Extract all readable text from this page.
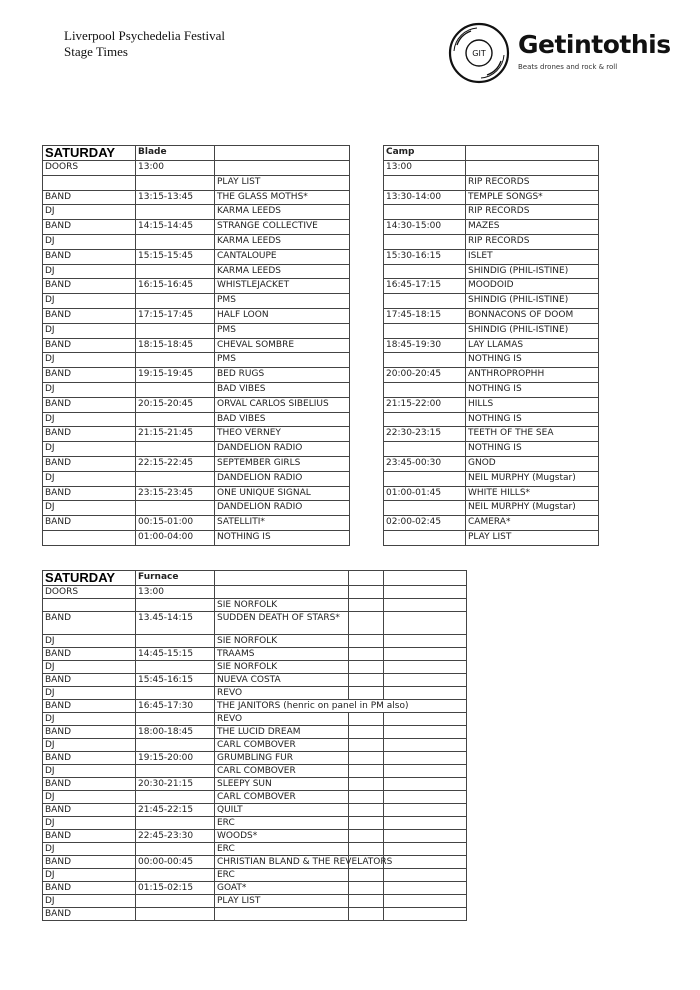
Liverpool Psychedelia Festival
Stage Times	GIT Getintothis
Beats drones and rock & roll
SATURDAY	Blade	
DOORS	13:00	
		PLAY LIST
BAND	13:15-13:45	THE GLASS MOTHS*
DJ		KARMA LEEDS
BAND	14:15-14:45	STRANGE COLLECTIVE
DJ		KARMA LEEDS
BAND	15:15-15:45	CANTALOUPE
DJ		KARMA LEEDS
BAND	16:15-16:45	WHISTLEJACKET
DJ		PMS
BAND	17:15-17:45	HALF LOON
DJ		PMS
BAND	18:15-18:45	CHEVAL SOMBRE
DJ		PMS
BAND	19:15-19:45	BED RUGS
DJ		BAD VIBES
BAND	20:15-20:45	ORVAL CARLOS SIBELIUS
DJ		BAD VIBES
BAND	21:15-21:45	THEO VERNEY
DJ		DANDELION RADIO
BAND	22:15-22:45	SEPTEMBER GIRLS
DJ		DANDELION RADIO
BAND	23:15-23:45	ONE UNIQUE SIGNAL
DJ		DANDELION RADIO
BAND	00:15-01:00	SATELLITI*
	01:00-04:00	NOTHING IS
Camp	
13:00	
	RIP RECORDS
13:30-14:00	TEMPLE SONGS*
	RIP RECORDS
14:30-15:00	MAZES
	RIP RECORDS
15:30-16:15	ISLET
	SHINDIG (PHIL-ISTINE)
16:45-17:15	MOODOID
	SHINDIG (PHIL-ISTINE)
17:45-18:15	BONNACONS OF DOOM
	SHINDIG (PHIL-ISTINE)
18:45-19:30	LAY LLAMAS
	NOTHING IS
20:00-20:45	ANTHROPROPHH
	NOTHING IS
21:15-22:00	HILLS
	NOTHING IS
22:30-23:15	TEETH OF THE SEA
	NOTHING IS
23:45-00:30	GNOD
	NEIL MURPHY (Mugstar)
01:00-01:45	WHITE HILLS*
	NEIL MURPHY (Mugstar)
02:00-02:45	CAMERA*
	PLAY LIST
SATURDAY	Furnace			
DOORS	13:00			
		SIE NORFOLK		
BAND	13.45-14:15	SUDDEN DEATH OF STARS*		
DJ		SIE NORFOLK		
BAND	14:45-15:15	TRAAMS		
DJ		SIE NORFOLK		
BAND	15:45-16:15	NUEVA COSTA		
DJ		REVO		
BAND	16:45-17:30	THE JANITORS (henric on panel in PM also)		
DJ		REVO		
BAND	18:00-18:45	THE LUCID DREAM		
DJ		CARL COMBOVER		
BAND	19:15-20:00	GRUMBLING FUR		
DJ		CARL COMBOVER		
BAND	20:30-21:15	SLEEPY SUN		
DJ		CARL COMBOVER		
BAND	21:45-22:15	QUILT		
DJ		ERC		
BAND	22:45-23:30	WOODS*		
DJ		ERC		
BAND	00:00-00:45	CHRISTIAN BLAND & THE REVELATORS		
DJ		ERC		
BAND	01:15-02:15	GOAT*		
DJ		PLAY LIST		
BAND				
